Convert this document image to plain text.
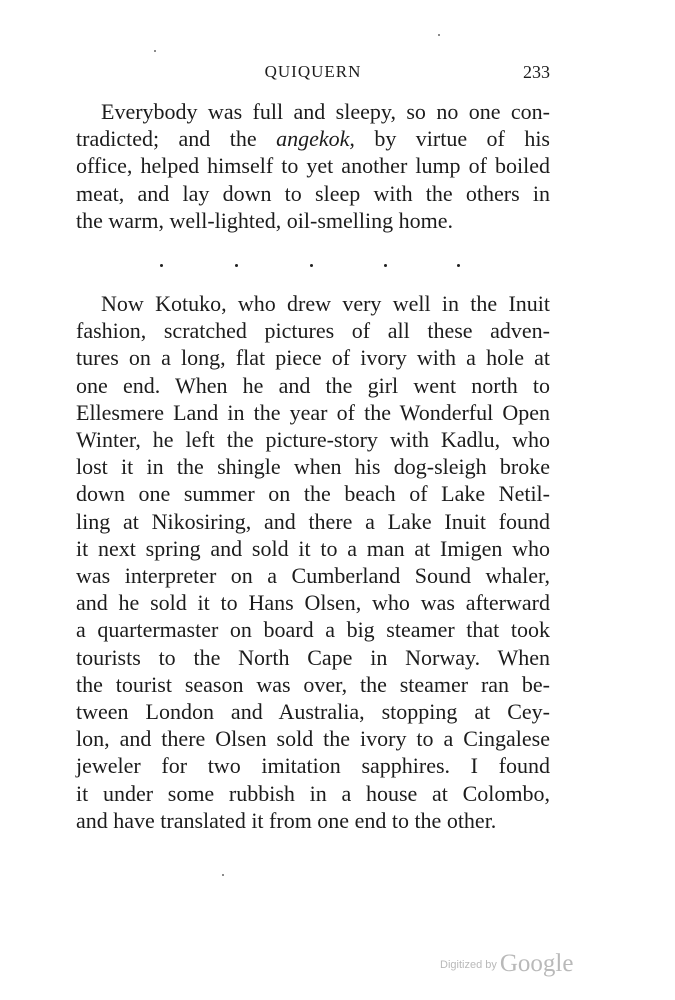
QUIQUERN	233
Everybody was full and sleepy, so no one con-
tradicted; and the angekok, by virtue of his
office, helped himself to yet another lump of boiled
meat, and lay down to sleep with the others in
the warm, well-lighted, oil-smelling home.
Now Kotuko, who drew very well in the Inuit
fashion, scratched pictures of all these adven-
tures on a long, flat piece of ivory with a hole at
one end. When he and the girl went north to
Ellesmere Land in the year of the Wonderful Open
Winter, he left the picture-story with Kadlu, who
lost it in the shingle when his dog-sleigh broke
down one summer on the beach of Lake Netil-
ling at Nikosiring, and there a Lake Inuit found
it next spring and sold it to a man at Imigen who
was interpreter on a Cumberland Sound whaler,
and he sold it to Hans Olsen, who was afterward
a quartermaster on board a big steamer that took
tourists to the North Cape in Norway. When
the tourist season was over, the steamer ran be-
tween London and Australia, stopping at Cey-
lon, and there Olsen sold the ivory to a Cingalese
jeweler for two imitation sapphires. I found
it under some rubbish in a house at Colombo,
and have translated it from one end to the other.
Digitized by Google
